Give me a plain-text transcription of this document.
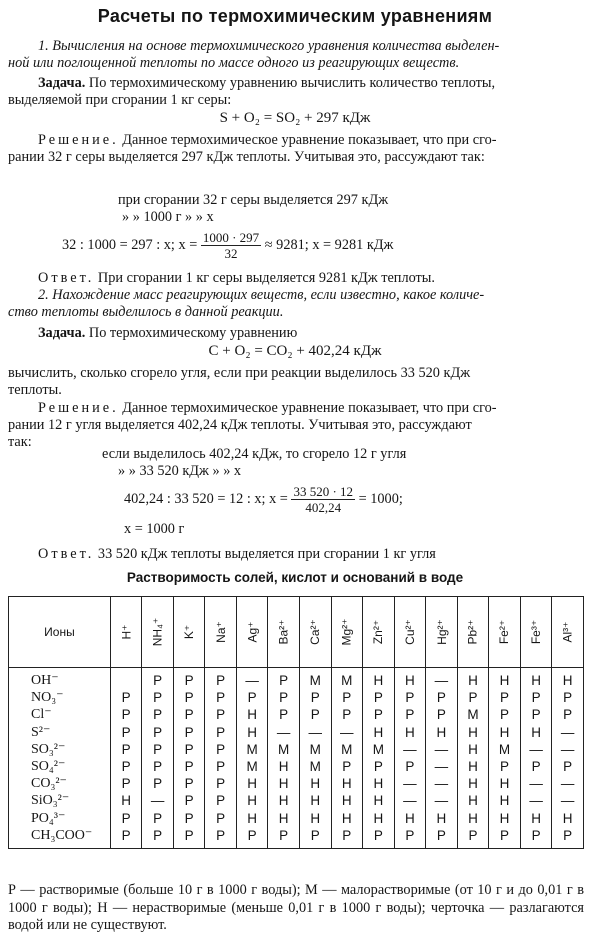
Расчеты по термохимическим уравнениям
1. Вычисления на основе термохимического уравнения количества выделен-
ной или поглощенной теплоты по массе одного из реагирующих веществ.
Задача. По термохимическому уравнению вычислить количество теплоты,
выделяемой при сгорании 1 кг серы:
S + O₂ = SO₂ + 297 кДж
Решение. Данное термохимическое уравнение показывает, что при сго-
рании 32 г серы выделяется 297 кДж теплоты. Учитывая это, рассуждают так:
при сгорании 32 г серы выделяется 297 кДж
» » 1000 г » » x
32 : 1000 = 297 : x; $x = \frac{1000 \cdot 297}{32} \approx 9281$; x = 9281 кДж
Ответ. При сгорании 1 кг серы выделяется 9281 кДж теплоты.
2. Нахождение масс реагирующих веществ, если известно, какое количе-
ство теплоты выделилось в данной реакции.
Задача. По термохимическому уравнению
C + O₂ = CO₂ + 402,24 кДж
вычислить, сколько сгорело угля, если при реакции выделилось 33 520 кДж
теплоты.
Решение. Данное термохимическое уравнение показывает, что при сго-
рании 12 г угля выделяется 402,24 кДж теплоты. Учитывая это, рассуждают
так:
если выделилось 402,24 кДж, то сгорело 12 г угля
» » 33 520 кДж » » x
402,24 : 33 520 = 12 : x; $x = \frac{33 520 \cdot 12}{402,24} = 1000$;
x = 1000 г
Ответ. 33 520 кДж теплоты выделяется при сгорании 1 кг угля
Растворимость солей, кислот и оснований в воде
Ионы	H⁺	NH₄⁺	K⁺	Na⁺	Ag⁺	Ba²⁺	Ca²⁺	Mg²⁺	Zn²⁺	Cu²⁺	Hg²⁺	Pb²⁺	Fe²⁺	Fe³⁺	Al³⁺
OH⁻		Р	Р	Р	—	Р	М	М	Н	Н	—	Н	Н	Н	Н
NO₃⁻	Р	Р	Р	Р	Р	Р	Р	Р	Р	Р	Р	Р	Р	Р	Р
Cl⁻	Р	Р	Р	Р	Н	Р	Р	Р	Р	Р	Р	М	Р	Р	Р
S²⁻	Р	Р	Р	Р	Н	—	—	—	Н	Н	Н	Н	Н	Н	—
SO₃²⁻	Р	Р	Р	Р	М	М	М	М	М	—	—	Н	М	—	—
SO₄²⁻	Р	Р	Р	Р	М	Н	М	Р	Р	Р	—	Н	Р	Р	Р
CO₃²⁻	Р	Р	Р	Р	Н	Н	Н	Н	Н	—	—	Н	Н	—	—
SiO₃²⁻	Н	—	Р	Р	Н	Н	Н	Н	Н	—	—	Н	Н	—	—
PO₄³⁻	Р	Р	Р	Р	Н	Н	Н	Н	Н	Н	Н	Н	Н	Н	Н
CH₃COO⁻	Р	Р	Р	Р	Р	Р	Р	Р	Р	Р	Р	Р	Р	Р	Р
Р — растворимые (больше 10 г в 1000 г воды); М — малорастворимые (от 10 г и до 0,01 г в 1000 г воды); Н — нерастворимые (меньше 0,01 г в 1000 г воды); черточка — разлагаются водой или не существуют.
